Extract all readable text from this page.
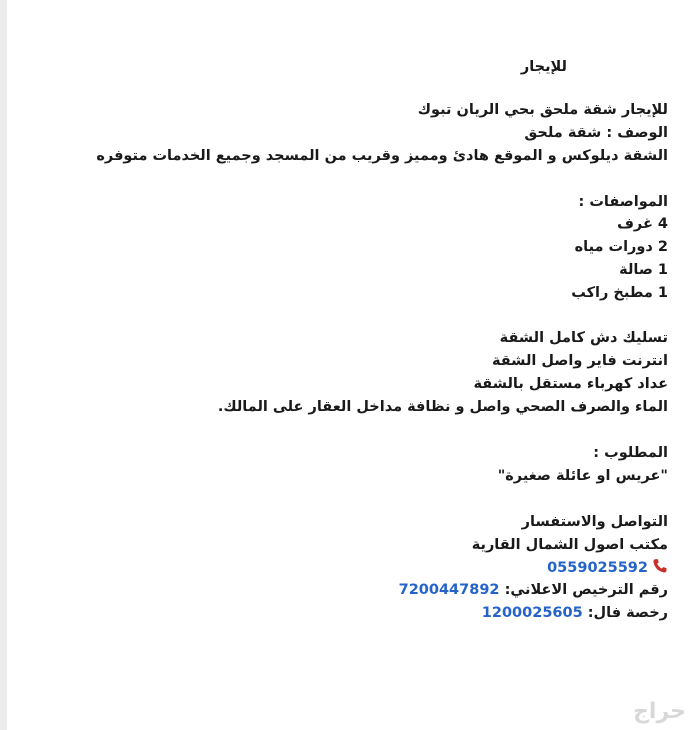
للإيجار
للإيجار شقة ملحق بحي الريان تبوك
الوصف : شقة ملحق
الشقة ديلوكس و الموقع هادئ ومميز وقريب من المسجد وجميع الخدمات متوفره
المواصفات :
4 غرف
2 دورات مياه
1 صالة
1 مطبخ راكب
تسليك دش كامل الشقة
انترنت فاير واصل الشقة
عداد كهرباء مستقل بالشقة
الماء والصرف الصحي واصل و نظافة مداخل العقار على المالك.
المطلوب :
"عريس او عائلة صغيرة"
التواصل والاستفسار
مكتب اصول الشمال القارية
0559025592
رقم الترخيص الاعلاني: 7200447892
رخصة فال: 1200025605
حراج
